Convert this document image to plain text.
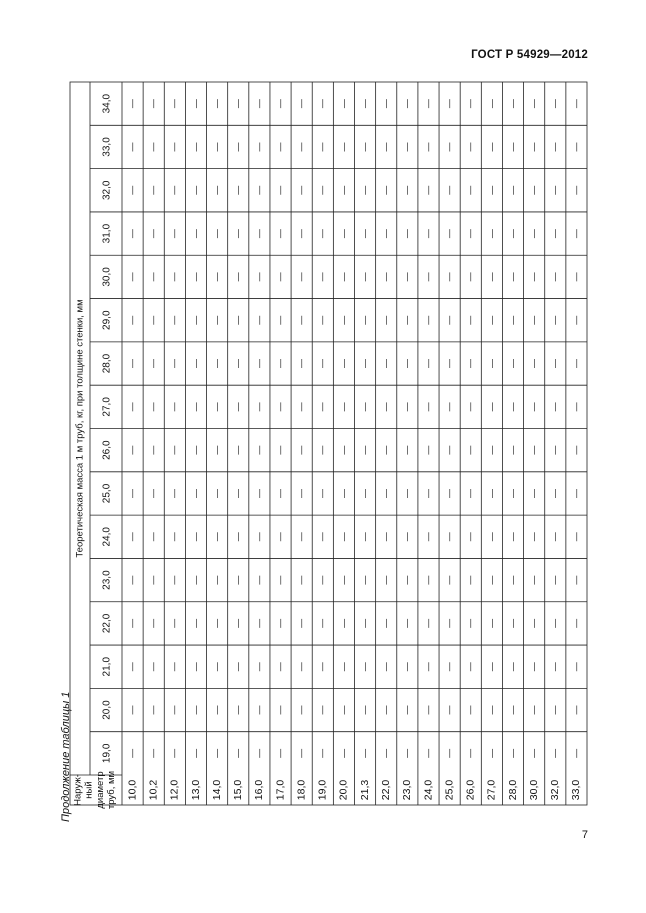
ГОСТ Р 54929—2012
Продолжение таблицы 1
7
Наруж- ный диаметр труб, мм
Теоретическая масса 1 м труб, кг, при толщине стенки, мм
19,0
20,0
21,0
22,0
23,0
24,0
25,0
26,0
27,0
28,0
29,0
30,0
31,0
32,0
33,0
34,0
10,0 10,2 12,0 13,0 14,0 15,0 16,0 17,0 18,0 19,0 20,0 21,3 22,0 23,0 24,0 25,0 26,0 27,0 28,0 30,0 32,0 33,0
—
—
—
—
—
—
—
—
—
—
—
—
—
—
—
—
—
—
—
—
—
—
—
—
—
—
—
—
—
—
—
—
—
—
—
—
—
—
—
—
—
—
—
—
—
—
—
—
—
—
—
—
—
—
—
—
—
—
—
—
—
—
—
—
—
—
—
—
—
—
—
—
—
—
—
—
—
—
—
—
—
—
—
—
—
—
—
—
—
—
—
—
—
—
—
—
—
—
—
—
—
—
—
—
—
—
—
—
—
—
—
—
—
—
—
—
—
—
—
—
—
—
—
—
—
—
—
—
—
—
—
—
—
—
—
—
—
—
—
—
—
—
—
—
—
—
—
—
—
—
—
—
—
—
—
—
—
—
—
—
—
—
—
—
—
—
—
—
—
—
—
—
—
—
—
—
—
—
—
—
—
—
—
—
—
—
—
—
—
—
—
—
—
—
—
—
—
—
—
—
—
—
—
—
—
—
—
—
—
—
—
—
—
—
—
—
—
—
—
—
—
—
—
—
—
—
—
—
—
—
—
—
—
—
—
—
—
—
—
—
—
—
—
—
—
—
—
—
—
—
—
—
—
—
—
—
—
—
—
—
—
—
—
—
—
—
—
—
—
—
—
—
—
—
—
—
—
—
—
—
—
—
—
—
—
—
—
—
—
—
—
—
—
—
—
—
—
—
—
—
—
—
—
—
—
—
—
—
—
—
—
—
—
—
—
—
—
—
—
—
—
—
—
—
—
—
—
—
—
—
—
—
—
—
—
—
—
—
—
—
—
—
—
—
—
—
—
—
—
—
—
—
